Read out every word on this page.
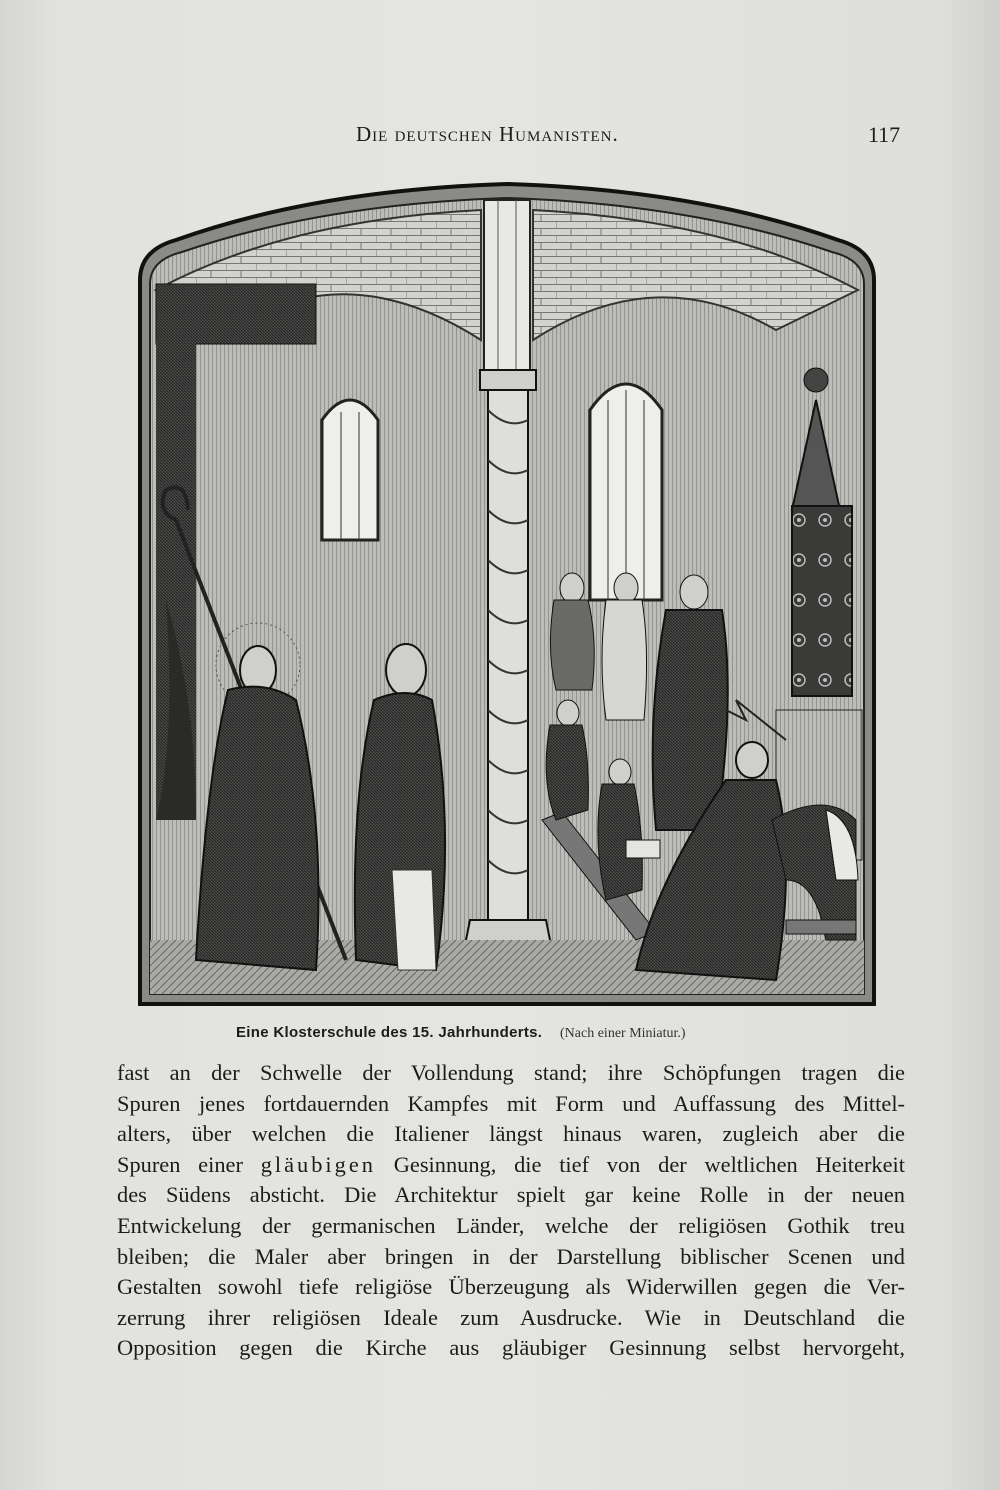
Die deutschen Humanisten.	117
Eine Klosterschule des 15. Jahrhunderts. (Nach einer Miniatur.)
fast an der Schwelle der Vollendung stand; ihre Schöpfungen tragen die
Spuren jenes fortdauernden Kampfes mit Form und Auffassung des Mittel-
alters, über welchen die Italiener längst hinaus waren, zugleich aber die
Spuren einer gläubigen Gesinnung, die tief von der weltlichen Heiterkeit
des Südens absticht. Die Architektur spielt gar keine Rolle in der neuen
Entwickelung der germanischen Länder, welche der religiösen Gothik treu
bleiben; die Maler aber bringen in der Darstellung biblischer Scenen und
Gestalten sowohl tiefe religiöse Überzeugung als Widerwillen gegen die Ver-
zerrung ihrer religiösen Ideale zum Ausdrucke. Wie in Deutschland die
Opposition gegen die Kirche aus gläubiger Gesinnung selbst hervorgeht,
